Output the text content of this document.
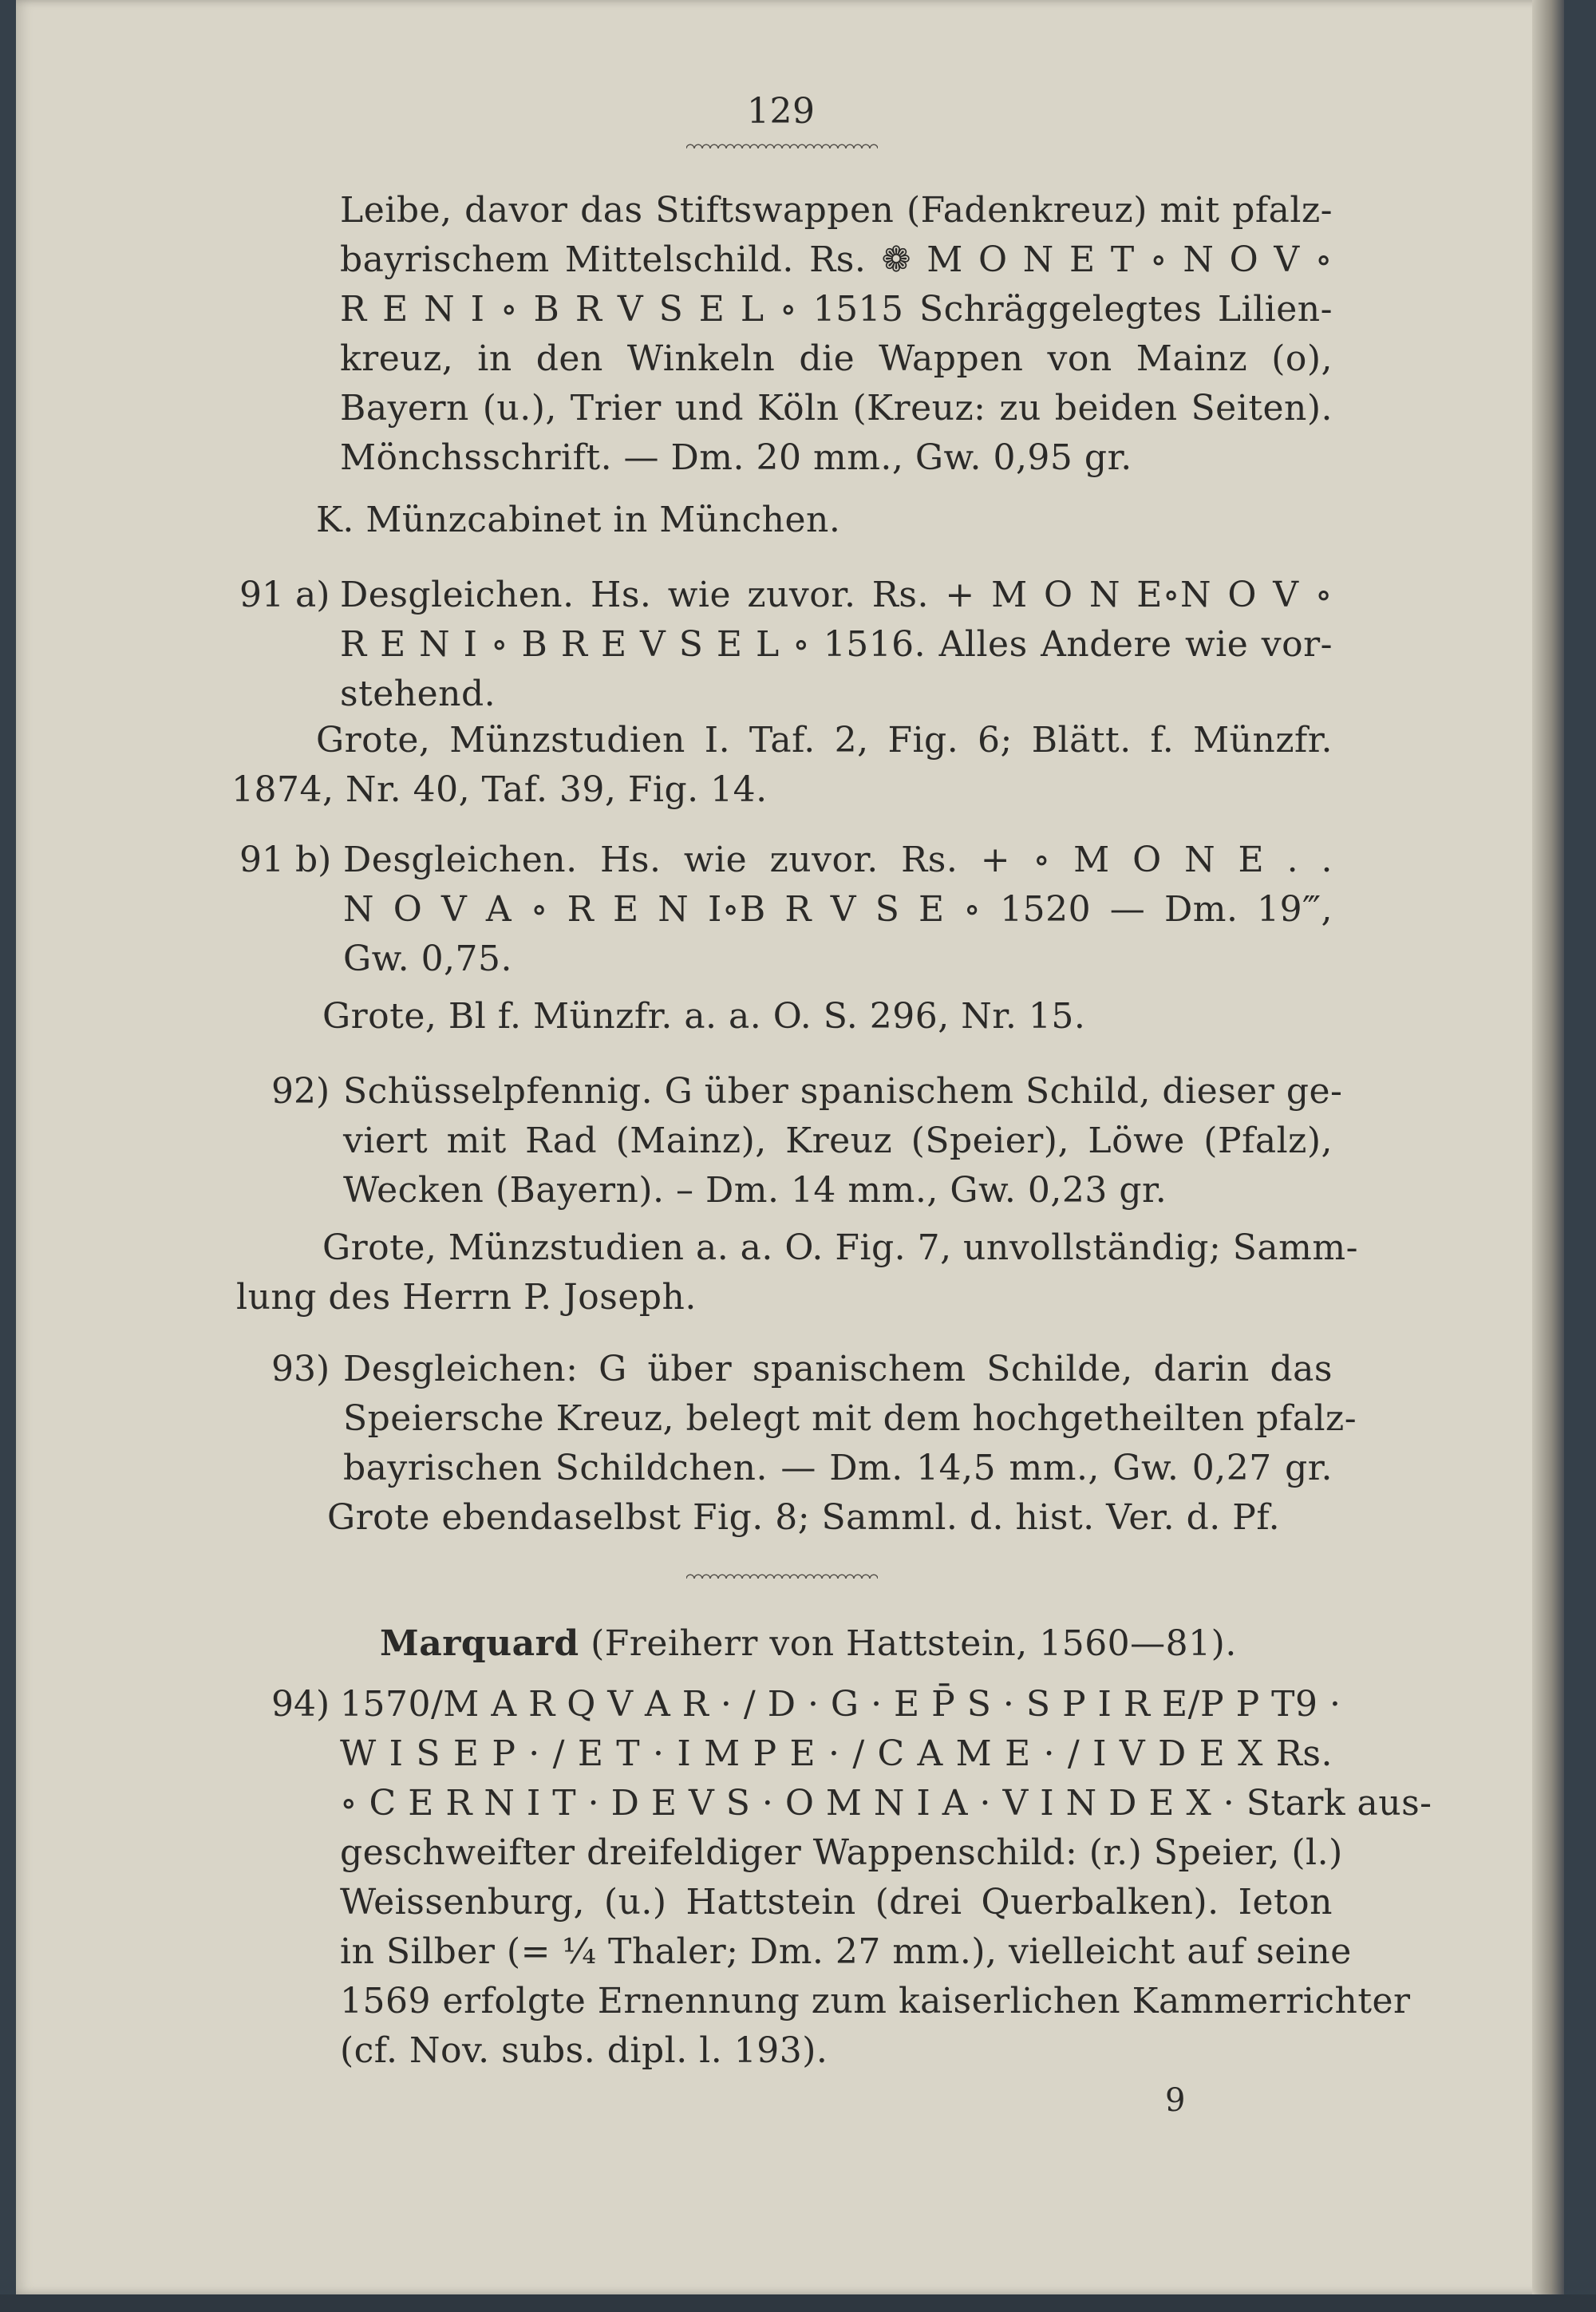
129
Leibe, davor das Stiftswappen (Fadenkreuz) mit pfalz-
bayrischem Mittelschild. Rs. ❁ M O N E T ∘ N O V ∘
R E N I ∘ B R V S E L ∘ 1515 Schräggelegtes Lilien-
kreuz, in den Winkeln die Wappen von Mainz (o),
Bayern (u.), Trier und Köln (Kreuz: zu beiden Seiten).
Mönchsschrift. — Dm. 20 mm., Gw. 0,95 gr.
K. Münzcabinet in München.
91 a) Desgleichen. Hs. wie zuvor. Rs. + M O N E∘N O V ∘
R E N I ∘ B R E V S E L ∘ 1516. Alles Andere wie vor-
stehend.
Grote, Münzstudien I. Taf. 2, Fig. 6; Blätt. f. Münzfr.
1874, Nr. 40, Taf. 39, Fig. 14.
91 b) Desgleichen. Hs. wie zuvor. Rs. + ∘ M O N E . .
N O V A ∘ R E N I∘B R V S E ∘ 1520 — Dm. 19‴,
Gw. 0,75.
Grote, Bl f. Münzfr. a. a. O. S. 296, Nr. 15.
92) Schüsselpfennig. G über spanischem Schild, dieser ge-
viert mit Rad (Mainz), Kreuz (Speier), Löwe (Pfalz),
Wecken (Bayern). – Dm. 14 mm., Gw. 0,23 gr.
Grote, Münzstudien a. a. O. Fig. 7, unvollständig; Samm-
lung des Herrn P. Joseph.
93) Desgleichen: G über spanischem Schilde, darin das
Speiersche Kreuz, belegt mit dem hochgetheilten pfalz-
bayrischen Schildchen. — Dm. 14,5 mm., Gw. 0,27 gr.
Grote ebendaselbst Fig. 8; Samml. d. hist. Ver. d. Pf.
Marquard (Freiherr von Hattstein, 1560—81).
94) 1570/M A R Q V A R · / D · G · E P̄ S · S P I R E/P P T9 ·
W I S E P · / E T · I M P E · / C A M E · / I V D E X Rs.
∘ C E R N I T · D E V S · O M N I A · V I N D E X · Stark aus-
geschweifter dreifeldiger Wappenschild: (r.) Speier, (l.)
Weissenburg, (u.) Hattstein (drei Querbalken). Ieton
in Silber (= ¼ Thaler; Dm. 27 mm.), vielleicht auf seine
1569 erfolgte Ernennung zum kaiserlichen Kammerrichter
(cf. Nov. subs. dipl. l. 193).
9
